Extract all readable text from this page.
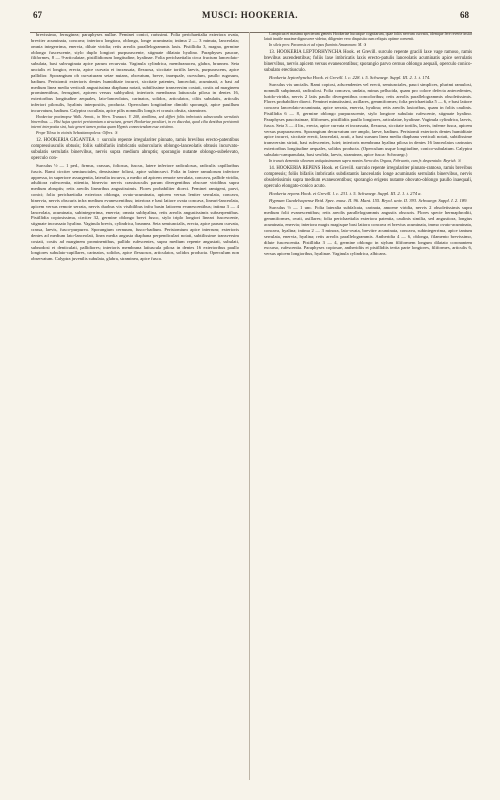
67	MUSCI: HOOKERIA.	68

brevissimo, ferruginea; paraphyses nullae. Feminei conici, rarissimi. Folia perichaetialia exteriora ovata, breviter acuminata, concava; interiora longiora, oblonga, longe acuminata; intima 2 — 3 minuta, lanceolata; omnia integerrima, enervia, dilute viridia; retis areolis parallelogrammis laxis. Pistillidia 3, magna, germine oblongo fuscescente, stylo duplo longiori purpurascente, stigmate dilatato hyalino. Paraphyses paucae, filiformes, 8 — 9-articulatae, pistillidiorum longitudine, hyalinae. Folia perichaetialia circa fructum lanceolato-subulata, basi subvaginata apice parum recurvata. Vaginula cylindrica, membranacea, glabra, brunnea. Seta uncialis et longior, erecta, apice curvata et incrassata, flexuosa, siccitate tortilis laevis, purpurascens, apice pallidior. Sporangium ob curvaturam setae nutans, obovatum, breve, inaequale, curvulum, paullo rugosum, badium. Peristomii exterioris dentes humiditate incurvi, siccitate patentes, lanceolati, acuminati, a basi ad medium linea media verticali angustissima diaphana notati, subtilissime transversim costati, costis ad marginem prominentibus, ferruginei, apicem versus subhyalini; interioris membrana latiuscula pilosa in dentes 16, exterioribus longitudine aequales, lato-lanceolatos, carinatos, solidos, articulatos, ciliis subulatis, articulis inferiori pilosulis, hyalinis interpositis, producta. Operculum longitudine dimidii sporangii, apice pauillum incurvatum, badium. Calyptra cucullata, apice pilis nonnullis longis et crassis obsita, straminea.

Hookeriae pratimopse Walk. Arnott., in Wern. Transact. V. 208, simillima, sed differt foliis imbricatis subsecundis serrulatis binervibus. — Hisi hujus speciei peristomium a structura, generi Hookeriae peculiari, in eo discedat, quod cilia dentibus peristomii interni interposita sint, huic generi tamen potius quam Hypnis connectendam esse existimo.

Prope Tilosa in viciniis Sebastianopoleos: Olfers. ♃

12. HOOKERIA GIGANTEA ♀ surculo repente irregulariter pinnato, ramis brevibus erecto-patentibus compressiusculis obtusis; foliis subbifariis imbricatis suborcularis oblongo-lanceolatis obtusis incurvato-subulatis serrulatis binervibus, nervis supra medium abruptis; sporangio nutante oblongo-subelevato, operculo con-

Surculus ½ — 1 ped., firmus, crassus, foliosus, fuscus, latere inferiore radiculosus, radiculis capillaribus fuscis. Rami circiter semiunciales, densissime foliosi, apice subincurvi. Folia in latere ramulorum inferiore appressa, in superiore assurgentia, lateralia incurva, a medio ad apicem remote serrulata, concava, pallide viridia, adultiora rufescentia, nitentia, binervia: nervis crassiusculis parum divergentibus obscure viridibus supra medium abruptis; retis areolis linearibus angustissimis. Flores probabiliter dioeci. Feminei ramigeni, parvi, conici; folia perichaetialia exteriora oblonga, ovato-acuminata, apicem versus leniter serrulata, concava, binervia, nervis obscuris infra medium evanescentibus; interiora e basi latiore ovata concava, lineari-lanceolata, apicem versus remote serrata, nervis duobus vix visibilibus infra basin latiorem evanescentibus; intima 3 — 4 lanceolata, acuminata, subintegerrima, enervia; omnia subhyalina, retis areolis angustissimis subserpentibus. Pistillidia copiosissima, circiter 32, germine oblongo brevi fusco, stylo triplo longiori lineari fuscescente, stigmate incrassato hyalino. Vaginula brevis, cylindrica, brunnea. Seta semiuncialis, erecta, apice parum curvata, crassa, laevis, fusco-purpurea. Sporangium cernuum, fusco-badium. Peristomium apice interrum; exterioris dentes ad medium lato-lanceolati, linea media angusta diaphana perpendiculari notati, subtilissime transversim costati, costis ad marginem prominentibus, pallido rufescentes, supra medium repente angustati, subulati, subnodosi et denticulati, pallidiores; interioris membrana latiuscula pilosa in dentes 16 exterioribus paullo longiores subulato-capillares, carinatos, solidos, apice flexuosos, articulatos, solidos producta. Operculum non observatum. Calyptra juvenilis subulata, glabra, straminea, apice fusca.

Conspicua et maxima specierum generis Hookeriae hucusque cognitarum, quae foliis nervum curvatis, idemque fere reverte instar latuit inutile maxime dignoscere videtur, diligenter vero disquisita cum reliquis optime convenit.

In silvis prov. Paraensis et ad ripas fluminis Amazonum: M. ♃

13. HOOKERIA LEPTORHYNCHA Hook. et Grevill. surculo repente gracili laxe vage ramoso, ramis brevibus ascendentibus; foliis laxe imbricatis laxis erecto-patulis lanceolatis acuminatis apice serrulatis binervibus, nervis apicem versus evanescentibus; sporangio parvo cernuo oblongo aequali, operculo conico-subulato erectiusculo.

Hookeria leptorhyncha Hook. et Grevill. l. c. 228. t. 5. Schwaegr. Suppl. III. 2. 1. t. 174.

Surculus vix uncialis. Rami copiosi, adscendentes vel erecti, semiunciales, pauci simplices, plurimi ramulosi, nonnulli subpinnati, radiculosi. Folia concava, undata, minus pellucida, quam pro colore defecta antecedentes, lurido-viridia, nervis 2 latis paullo divergentibus concoloribus; retis areolis parallelogrammis obsoletissimis. Flores probabiliter dioeci. Feminei minutissimi, axillares, gemmiformes; folia perichaetialia 5 — 6, e basi latiore concava lanceolato-acuminata, apice serrata, enervia, hyalina; retis areolis laxioribus, quam in foliis caulinis. Pistillidia 6 — 8, germine oblongo purpurascente, stylo longiore subulato rufescente, stigmate hyalino. Paraphyses paucissimae, filiformes, pistillidiis paullo longiores, articulatae, hyalinae. Vaginula cylindrica, laevis, fusca. Seta 3 — 4 lin., erecta, apice curvata et incrassata, flexuosa, siccitate tortilis, laevis, inferne fusca, apicem versus purpurascens. Sporangium decurvatum ore amplo, laeve, badium. Peristomii exterioris dentes humiditate apice incurvi, siccitate erecti, lanceolati, acuti, a basi sursum linea media diaphana verticali notati, subtilissime transversim striati, basi rufescentes, lutei; interioris membrana hyalina pilosa in dentes 16 lanceolatos carinatos exterioribus longitudine aequales, solidos producta. (Operculum usque longitudine, conico-subulatum. Calyptra subulato-campanulata, basi sexfida, laevis, straminea, apice fusca: Schwaegr.)

In truncis dementia silvarum antiquissimarum supra montes Serra dos Orgaos, Februario, cum fr. desperatulo: Beyrich. ♃

14. HOOKERIA REPENS Hook. et Grevill. surculo repente irregulariter pinnato-ramoso, ramis brevibus compressis; foliis bifariis imbricatis subdistantis lanceolatis longe acuminatis serrulatis binervibus, nervis obsoletissimis supra medium evanescentibus; sporangio erigens nutante obovato-oblongo paullo inaequali, operculo elongato-conico acuto.

Hookeria repens Hook. et Grevill. l. c. 231. t. 5. Schwaegr. Suppl. III. 2. 1. t. 274 a.

Hypnum Gundelsopense Brid. Spec. musc. II. 96. Mant. 155. Bryol. univ. II. 393. Schwaegr. Suppl. I. 2. 189.

Surculus ½ — 1 unc. Folia lateralia subfalcata, carinata, amoene viridia, nervis 2 obsoletissimis supra medium folii evanescentibus; retis areolis parallelogrammis angustis obscuris. Flores specie hermaphroditi, gemmiformes, ovati, axillares; folia perichaetialia exteriora patentia, caulinis similia, sed angustiora, longius acuminata, enervia; interiora magis magisque basi latiora concava et brevius acuminata, immo ovato-acuminata, concava, hyalina; intima 2 — 3 minora, lato-ovata, brevitre acuminata, concava, subintegerrima, apice tantum serrulata, enervia, hyalina; retis areolis parallelogrammis. Antheridia 4 — 6, oblonga, filamento brevissimo, dilute fuscescentia. Pistillidia 3 — 4, germine oblongo in stylum filiformem longum dilatato coronantem excurso, rufescentia. Paraphyses copiosae, antheridiis et pistillidiis tertia parte longiores, filiformes, articulis 6, versus apicem longioribus, hyalinae. Vaginula cylindrica, albicans.
